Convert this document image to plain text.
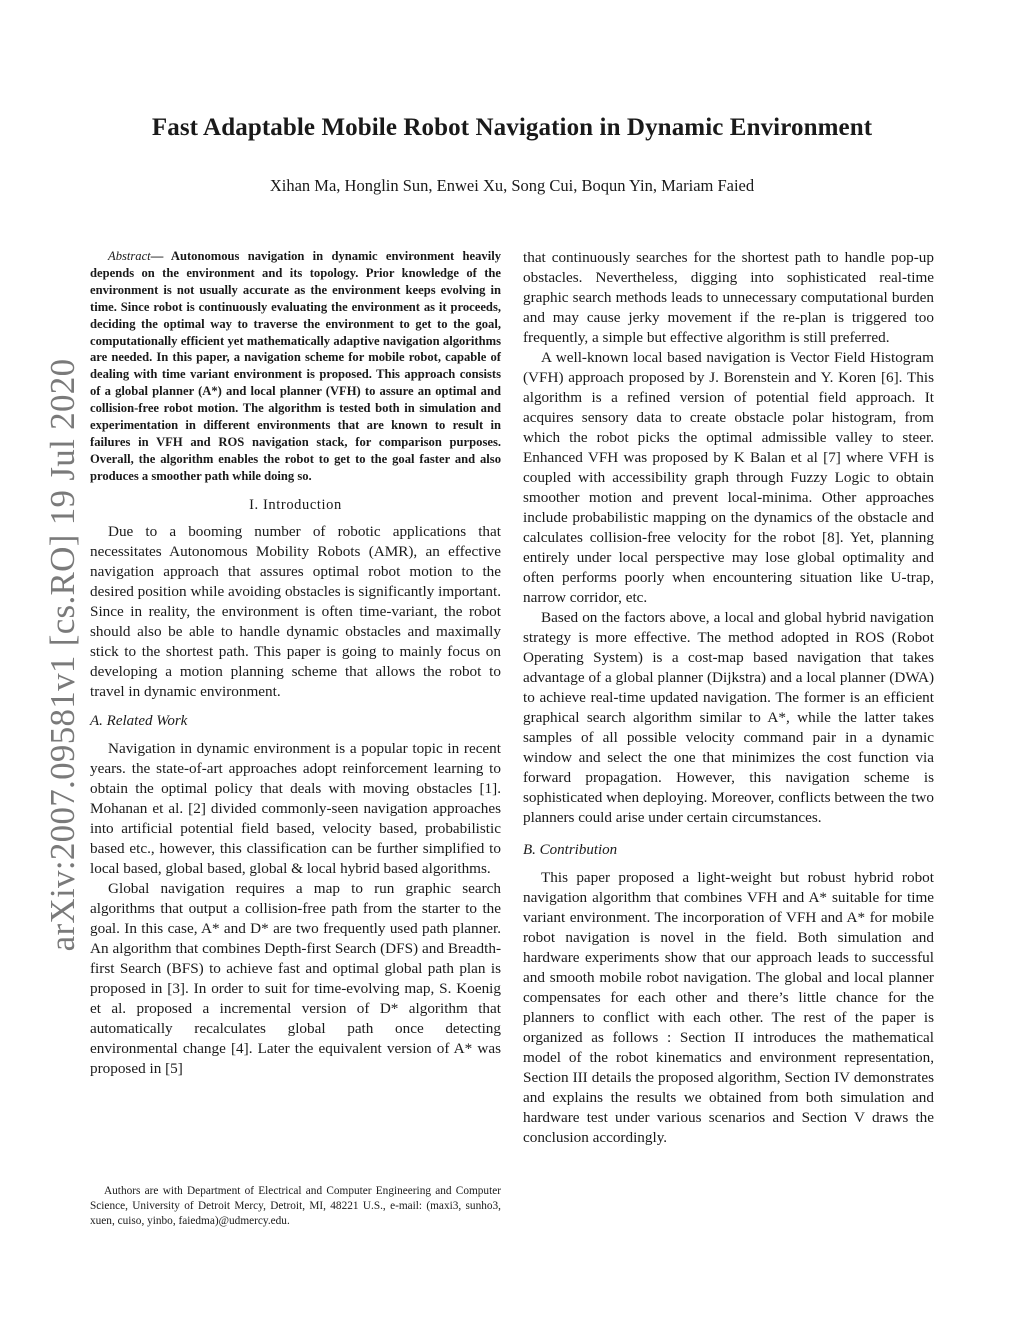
Fast Adaptable Mobile Robot Navigation in Dynamic Environment
Xihan Ma, Honglin Sun, Enwei Xu, Song Cui, Boqun Yin, Mariam Faied
arXiv:2007.09581v1 [cs.RO] 19 Jul 2020

Abstract— Autonomous navigation in dynamic environment heavily depends on the environment and its topology. Prior knowledge of the environment is not usually accurate as the environment keeps evolving in time. Since robot is continuously evaluating the environment as it proceeds, deciding the optimal way to traverse the environment to get to the goal, computationally efficient yet mathematically adaptive navigation algorithms are needed. In this paper, a navigation scheme for mobile robot, capable of dealing with time variant environment is proposed. This approach consists of a global planner (A*) and local planner (VFH) to assure an optimal and collision-free robot motion. The algorithm is tested both in simulation and experimentation in different environments that are known to result in failures in VFH and ROS navigation stack, for comparison purposes. Overall, the algorithm enables the robot to get to the goal faster and also produces a smoother path while doing so.

I. Introduction

Due to a booming number of robotic applications that necessitates Autonomous Mobility Robots (AMR), an effective navigation approach that assures optimal robot motion to the desired position while avoiding obstacles is significantly important. Since in reality, the environment is often time-variant, the robot should also be able to handle dynamic obstacles and maximally stick to the shortest path. This paper is going to mainly focus on developing a motion planning scheme that allows the robot to travel in dynamic environment.

A. Related Work

Navigation in dynamic environment is a popular topic in recent years. the state-of-art approaches adopt reinforcement learning to obtain the optimal policy that deals with moving obstacles [1]. Mohanan et al. [2] divided commonly-seen navigation approaches into artificial potential field based, velocity based, probabilistic based etc., however, this classification can be further simplified to local based, global based, global & local hybrid based algorithms.

Global navigation requires a map to run graphic search algorithms that output a collision-free path from the starter to the goal. In this case, A* and D* are two frequently used path planner. An algorithm that combines Depth-first Search (DFS) and Breadth-first Search (BFS) to achieve fast and optimal global path plan is proposed in [3]. In order to suit for time-evolving map, S. Koenig et al. proposed a incremental version of D* algorithm that automatically recalculates global path once detecting environmental change [4]. Later the equivalent version of A* was proposed in [5]

Authors are with Department of Electrical and Computer Engineering and Computer Science, University of Detroit Mercy, Detroit, MI, 48221 U.S., e-mail: (maxi3, sunho3, xuen, cuiso, yinbo, faiedma)@udmercy.edu.

that continuously searches for the shortest path to handle pop-up obstacles. Nevertheless, digging into sophisticated real-time graphic search methods leads to unnecessary computational burden and may cause jerky movement if the re-plan is triggered too frequently, a simple but effective algorithm is still preferred.

A well-known local based navigation is Vector Field Histogram (VFH) approach proposed by J. Borenstein and Y. Koren [6]. This algorithm is a refined version of potential field approach. It acquires sensory data to create obstacle polar histogram, from which the robot picks the optimal admissible valley to steer. Enhanced VFH was proposed by K Balan et al [7] where VFH is coupled with accessibility graph through Fuzzy Logic to obtain smoother motion and prevent local-minima. Other approaches include probabilistic mapping on the dynamics of the obstacle and calculates collision-free velocity for the robot [8]. Yet, planning entirely under local perspective may lose global optimality and often performs poorly when encountering situation like U-trap, narrow corridor, etc.

Based on the factors above, a local and global hybrid navigation strategy is more effective. The method adopted in ROS (Robot Operating System) is a cost-map based navigation that takes advantage of a global planner (Dijkstra) and a local planner (DWA) to achieve real-time updated navigation. The former is an efficient graphical search algorithm similar to A*, while the latter takes samples of all possible velocity command pair in a dynamic window and select the one that minimizes the cost function via forward propagation. However, this navigation scheme is sophisticated when deploying. Moreover, conflicts between the two planners could arise under certain circumstances.

B. Contribution

This paper proposed a light-weight but robust hybrid robot navigation algorithm that combines VFH and A* suitable for time variant environment. The incorporation of VFH and A* for mobile robot navigation is novel in the field. Both simulation and hardware experiments show that our approach leads to successful and smooth mobile robot navigation. The global and local planner compensates for each other and there’s little chance for the planners to conflict with each other. The rest of the paper is organized as follows : Section II introduces the mathematical model of the robot kinematics and environment representation, Section III details the proposed algorithm, Section IV demonstrates and explains the results we obtained from both simulation and hardware test under various scenarios and Section V draws the conclusion accordingly.
